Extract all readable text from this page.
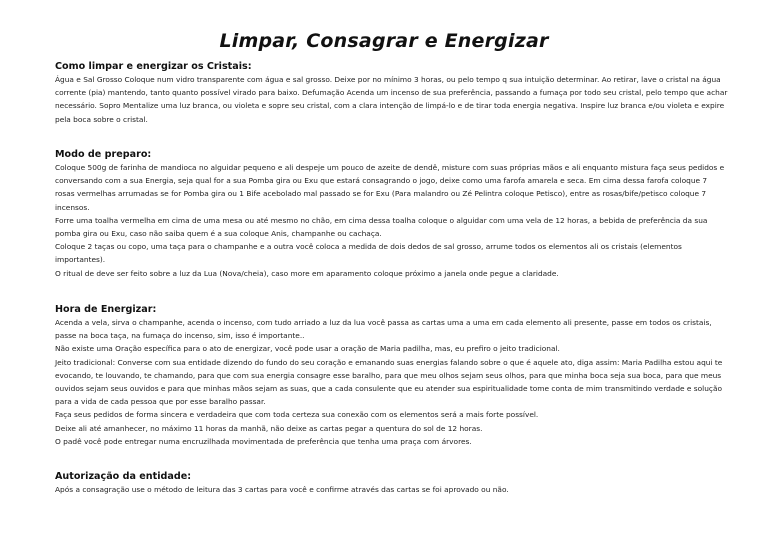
Limpar, Consagrar e Energizar
Como limpar e energizar os Cristais:

Água e Sal Grosso Coloque num vidro transparente com água e sal grosso. Deixe por no mínimo 3 horas, ou pelo tempo q sua intuição determinar. Ao retirar, lave o cristal na água corrente (pia) mantendo, tanto quanto possível virado para baixo. Defumação Acenda um incenso de sua preferência, passando a fumaça por todo seu cristal, pelo tempo que achar necessário. Sopro Mentalize uma luz branca, ou violeta e sopre seu cristal, com a clara intenção de limpá-lo e de tirar toda energia negativa. Inspire luz branca e/ou violeta e expire pela boca sobre o cristal.

Modo de preparo:

Coloque 500g de farinha de mandioca no alguidar pequeno e ali despeje um pouco de azeite de dendê, misture com suas próprias mãos e ali enquanto mistura faça seus pedidos e conversando com a sua Energia, seja qual for a sua Pomba gira ou Exu que estará consagrando o jogo, deixe como uma farofa amarela e seca. Em cima dessa farofa coloque 7 rosas vermelhas arrumadas se for Pomba gira ou 1 Bife acebolado mal passado se for Exu (Para malandro ou Zé Pelintra coloque Petisco), entre as rosas/bife/petisco coloque 7 incensos.

Forre uma toalha vermelha em cima de uma mesa ou até mesmo no chão, em cima dessa toalha coloque o alguidar com uma vela de 12 horas, a bebida de preferência da sua pomba gira ou Exu, caso não saiba quem é a sua coloque Anis, champanhe ou cachaça.

Coloque 2 taças ou copo, uma taça para o champanhe e a outra você coloca a medida de dois dedos de sal grosso, arrume todos os elementos ali os cristais (elementos importantes).

O ritual de deve ser feito sobre a luz da Lua (Nova/cheia), caso more em aparamento coloque próximo a janela onde pegue a claridade.

Hora de Energizar:

Acenda a vela, sirva o champanhe, acenda o incenso, com tudo arriado a luz da lua você passa as cartas uma a uma em cada elemento ali presente, passe em todos os cristais, passe na boca taça, na fumaça do incenso, sim, isso é importante..

Não existe uma Oração específica para o ato de energizar, você pode usar a oração de Maria padilha, mas, eu prefiro o jeito tradicional.

Jeito tradicional: Converse com sua entidade dizendo do fundo do seu coração e emanando suas energias falando sobre o que é aquele ato, diga assim: Maria Padilha estou aqui te evocando, te louvando, te chamando, para que com sua energia consagre esse baralho, para que meu olhos sejam seus olhos, para que minha boca seja sua boca, para que meus ouvidos sejam seus ouvidos e para que minhas mãos sejam as suas, que a cada consulente que eu atender sua espiritualidade tome conta de mim transmitindo verdade e solução para a vida de cada pessoa que por esse baralho passar.

Faça seus pedidos de forma sincera e verdadeira que com toda certeza sua conexão com os elementos será a mais forte possível.

Deixe ali até amanhecer, no máximo 11 horas da manhã, não deixe as cartas pegar a quentura do sol de 12 horas.

O padê você pode entregar numa encruzilhada movimentada de preferência que tenha uma praça com árvores.

Autorização da entidade:

Após a consagração use o método de leitura das 3 cartas para você e confirme através das cartas se foi aprovado ou não.
